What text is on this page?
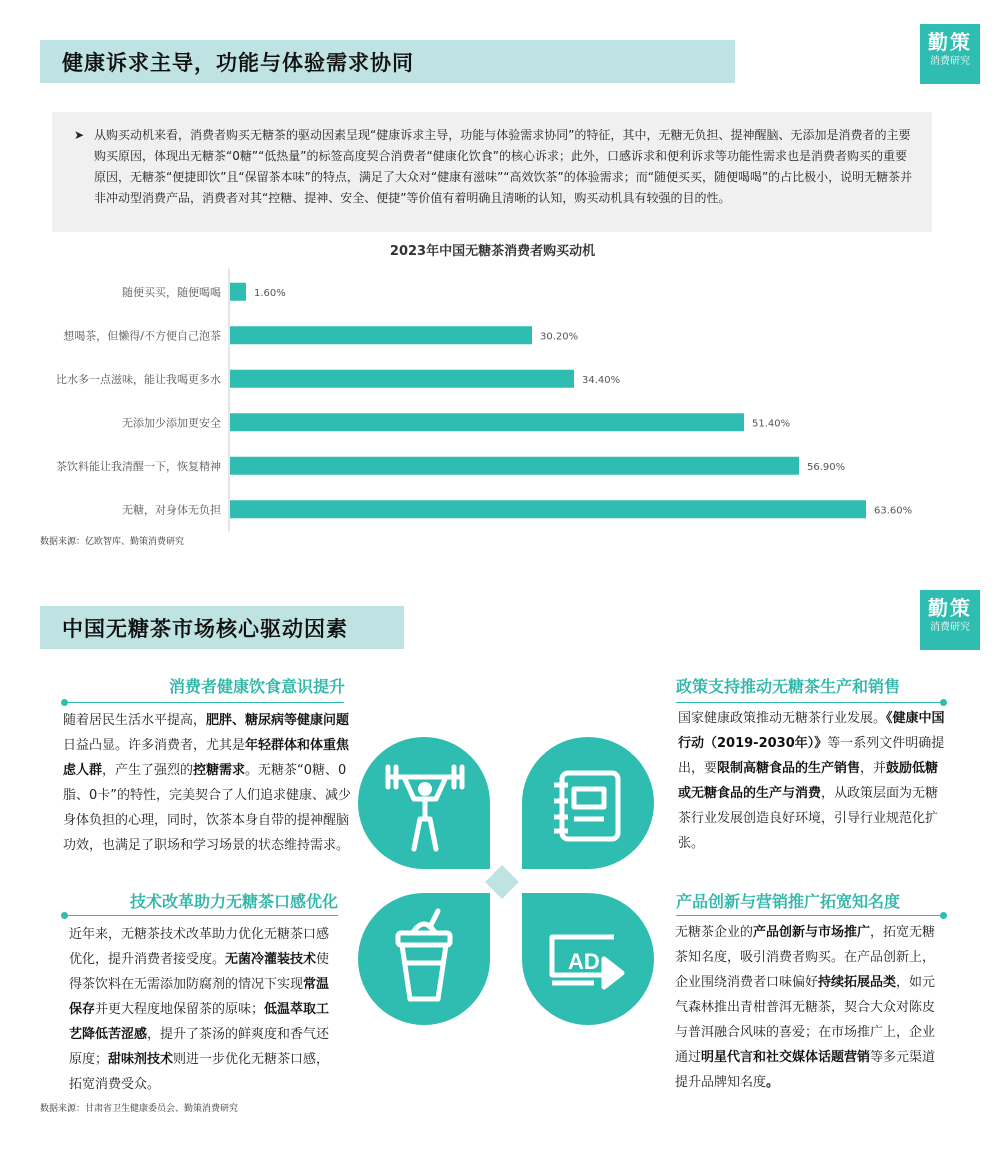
健康诉求主导，功能与体验需求协同
勤策
消费研究
➤ 从购买动机来看，消费者购买无糖茶的驱动因素呈现“健康诉求主导，功能与体验需求协同”的特征，其中，无糖无负担、提神醒脑、无添加是消费者的主要购买原因，体现出无糖茶“0糖”“低热量”的标签高度契合消费者“健康化饮食”的核心诉求；此外，口感诉求和便利诉求等功能性需求也是消费者购买的重要原因，无糖茶“便捷即饮”且“保留茶本味”的特点，满足了大众对“健康有滋味”“高效饮茶”的体验需求；而“随便买买，随便喝喝”的占比极小，说明无糖茶并非冲动型消费产品，消费者对其“控糖、提神、安全、便捷”等价值有着明确且清晰的认知，购买动机具有较强的目的性。
2023年中国无糖茶消费者购买动机
随便买买，随便喝喝	1.60%
想喝茶，但懒得/不方便自己泡茶	30.20%
比水多一点滋味，能让我喝更多水	34.40%
无添加少添加更安全	51.40%
茶饮料能让我清醒一下，恢复精神	56.90%
无糖，对身体无负担	63.60%
数据来源：亿欧智库、勤策消费研究
中国无糖茶市场核心驱动因素
勤策
消费研究
AD
消费者健康饮食意识提升
随着居民生活水平提高，肥胖、糖尿病等健康问题日益凸显。许多消费者，尤其是年轻群体和体重焦虑人群，产生了强烈的控糖需求。无糖茶“0糖、0脂、0卡”的特性，完美契合了人们追求健康、减少身体负担的心理，同时，饮茶本身自带的提神醒脑功效，也满足了职场和学习场景的状态维持需求。
政策支持推动无糖茶生产和销售
国家健康政策推动无糖茶行业发展。《健康中国行动（2019-2030年）》等一系列文件明确提出，要限制高糖食品的生产销售，并鼓励低糖或无糖食品的生产与消费，从政策层面为无糖茶行业发展创造良好环境，引导行业规范化扩张。
技术改革助力无糖茶口感优化
近年来，无糖茶技术改革助力优化无糖茶口感优化，提升消费者接受度。无菌冷灌装技术使得茶饮料在无需添加防腐剂的情况下实现常温保存并更大程度地保留茶的原味；低温萃取工艺降低苦涩感，提升了茶汤的鲜爽度和香气还原度；甜味剂技术则进一步优化无糖茶口感，拓宽消费受众。
产品创新与营销推广拓宽知名度
无糖茶企业的产品创新与市场推广，拓宽无糖茶知名度，吸引消费者购买。在产品创新上，企业围绕消费者口味偏好持续拓展品类，如元气森林推出青柑普洱无糖茶，契合大众对陈皮与普洱融合风味的喜爱；在市场推广上，企业通过明星代言和社交媒体话题营销等多元渠道提升品牌知名度。
数据来源：甘肃省卫生健康委员会、勤策消费研究
